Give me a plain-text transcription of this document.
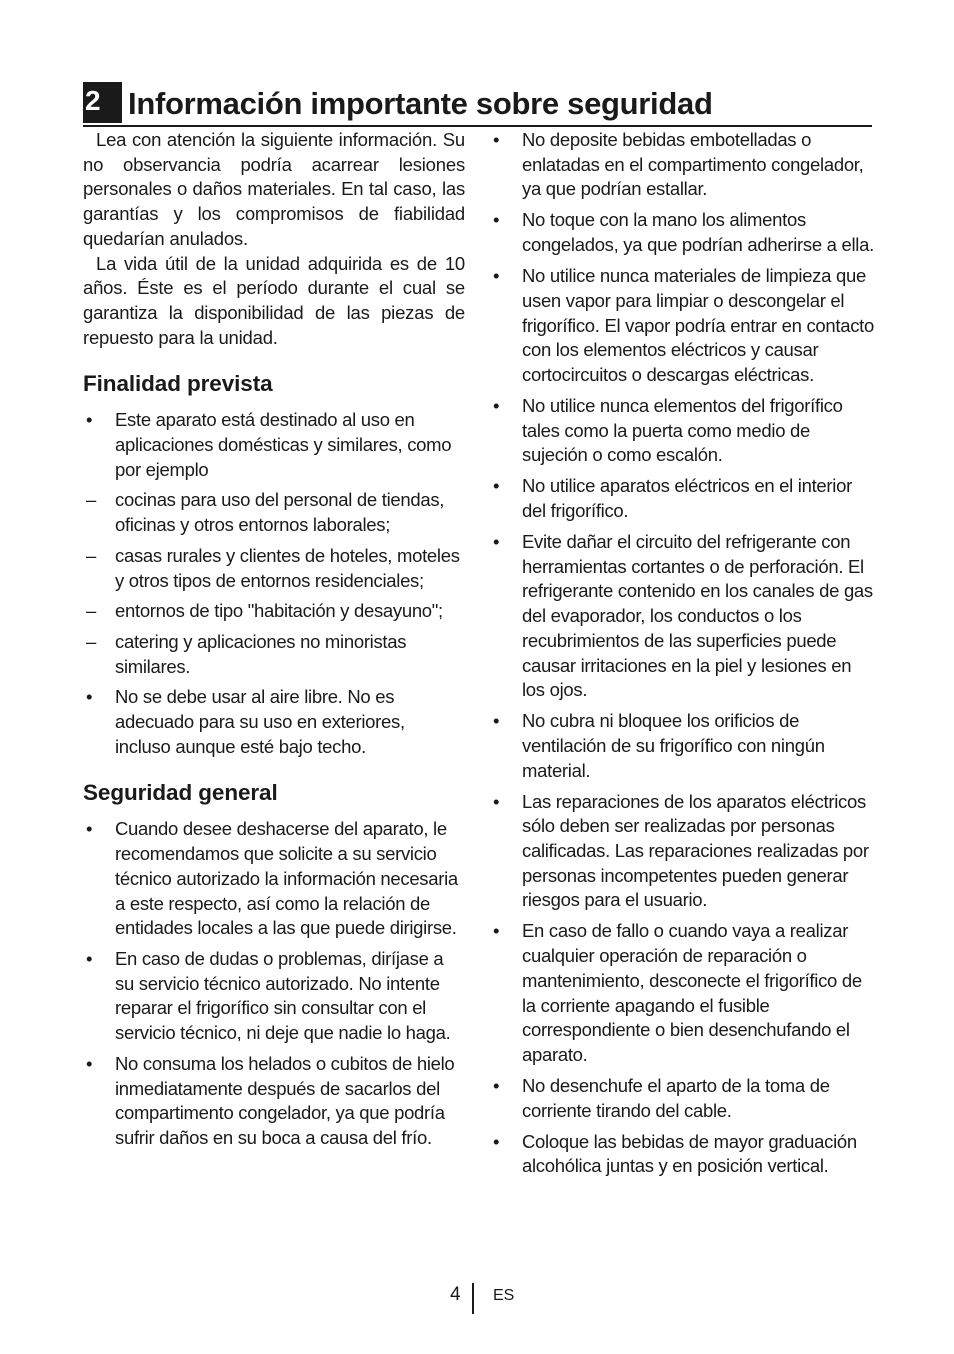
2 Información importante sobre seguridad

Lea con atención la siguiente información. Su no observancia podría acarrear lesiones personales o daños materiales. En tal caso, las garantías y los compromisos de fiabilidad quedarían anulados.

La vida útil de la unidad adquirida es de 10 años. Éste es el período durante el cual se garantiza la disponibilidad de las piezas de repuesto para la unidad.

Finalidad prevista
• Este aparato está destinado al uso en aplicaciones domésticas y similares, como por ejemplo
– cocinas para uso del personal de tiendas, oficinas y otros entornos laborales;
– casas rurales y clientes de hoteles, moteles y otros tipos de entornos residenciales;
– entornos de tipo "habitación y desayuno";
– catering y aplicaciones no minoristas similares.
• No se debe usar al aire libre. No es adecuado para su uso en exteriores, incluso aunque esté bajo techo.
Seguridad general
• Cuando desee deshacerse del aparato, le recomendamos que solicite a su servicio técnico autorizado la información necesaria a este respecto, así como la relación de entidades locales a las que puede dirigirse.
• En caso de dudas o problemas, diríjase a su servicio técnico autorizado. No intente reparar el frigorífico sin consultar con el servicio técnico, ni deje que nadie lo haga.
• No consuma los helados o cubitos de hielo inmediatamente después de sacarlos del compartimento congelador, ya que podría sufrir daños en su boca a causa del frío.
• No deposite bebidas embotelladas o enlatadas en el compartimento congelador, ya que podrían estallar.
• No toque con la mano los alimentos congelados, ya que podrían adherirse a ella.
• No utilice nunca materiales de limpieza que usen vapor para limpiar o descongelar el frigorífico. El vapor podría entrar en contacto con los elementos eléctricos y causar cortocircuitos o descargas eléctricas.
• No utilice nunca elementos del frigorífico tales como la puerta como medio de sujeción o como escalón.
• No utilice aparatos eléctricos en el interior del frigorífico.
• Evite dañar el circuito del refrigerante con herramientas cortantes o de perforación. El refrigerante contenido en los canales de gas del evaporador, los conductos o los recubrimientos de las superficies puede causar irritaciones en la piel y lesiones en los ojos.
• No cubra ni bloquee los orificios de ventilación de su frigorífico con ningún material.
• Las reparaciones de los aparatos eléctricos sólo deben ser realizadas por personas calificadas. Las reparaciones realizadas por personas incompetentes pueden generar riesgos para el usuario.
• En caso de fallo o cuando vaya a realizar cualquier operación de reparación o mantenimiento, desconecte el frigorífico de la corriente apagando el fusible correspondiente o bien desenchufando el aparato.
• No desenchufe el aparto de la toma de corriente tirando del cable.
• Coloque las bebidas de mayor graduación alcohólica juntas y en posición vertical.
4 ES
